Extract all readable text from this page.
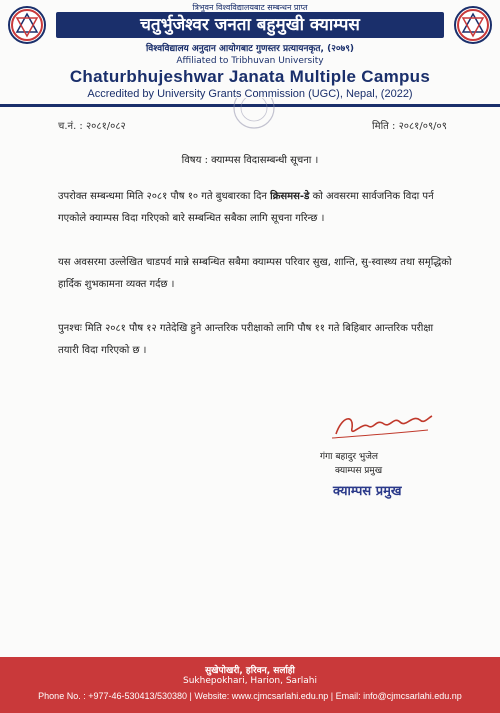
त्रिभुवन विश्वविद्यालयबाट सम्बन्धन प्राप्त
चतुर्भुजेश्वर जनता बहुमुखी क्याम्पस
विश्वविद्यालय अनुदान आयोगबाट गुणस्तर प्रत्यायनकृत, (२०७९)
Affiliated to Tribhuvan University
Chaturbhujeshwar Janata Multiple Campus
Accredited by University Grants Commission (UGC), Nepal, (2022)
च.नं. : २०८१/०८२	मिति : २०८१/०९/०९
विषय : क्याम्पस विदासम्बन्धी सूचना ।
उपरोक्त सम्बन्धमा मिति २०८१ पौष १० गते बुधबारका दिन क्रिसमस-डे को अवसरमा सार्वजनिक विदा पर्न गएकोले क्याम्पस विदा गरिएको बारे सम्बन्धित सबैका लागि सूचना गरिन्छ ।
यस अवसरमा उल्लेखित चाडपर्व मान्ने सम्बन्धित सबैमा क्याम्पस परिवार सुख, शान्ति, सु-स्वास्थ्य तथा समृद्धिको हार्दिक शुभकामना व्यक्त गर्दछ ।
पुनश्चः मिति २०८१ पौष १२ गतेदेखि हुने आन्तरिक परीक्षाको लागि पौष ११ गते बिहिबार आन्तरिक परीक्षा तयारी विदा गरिएको छ ।
गंगा बहादुर भुजेल
क्याम्पस प्रमुख
क्याम्पस प्रमुख
सुखेपोखरी, हरिवन, सर्लाही
Sukhepokhari, Harion, Sarlahi
Phone No. : +977-46-530413/530380 | Website: www.cjmcsarlahi.edu.np | Email: info@cjmcsarlahi.edu.np
